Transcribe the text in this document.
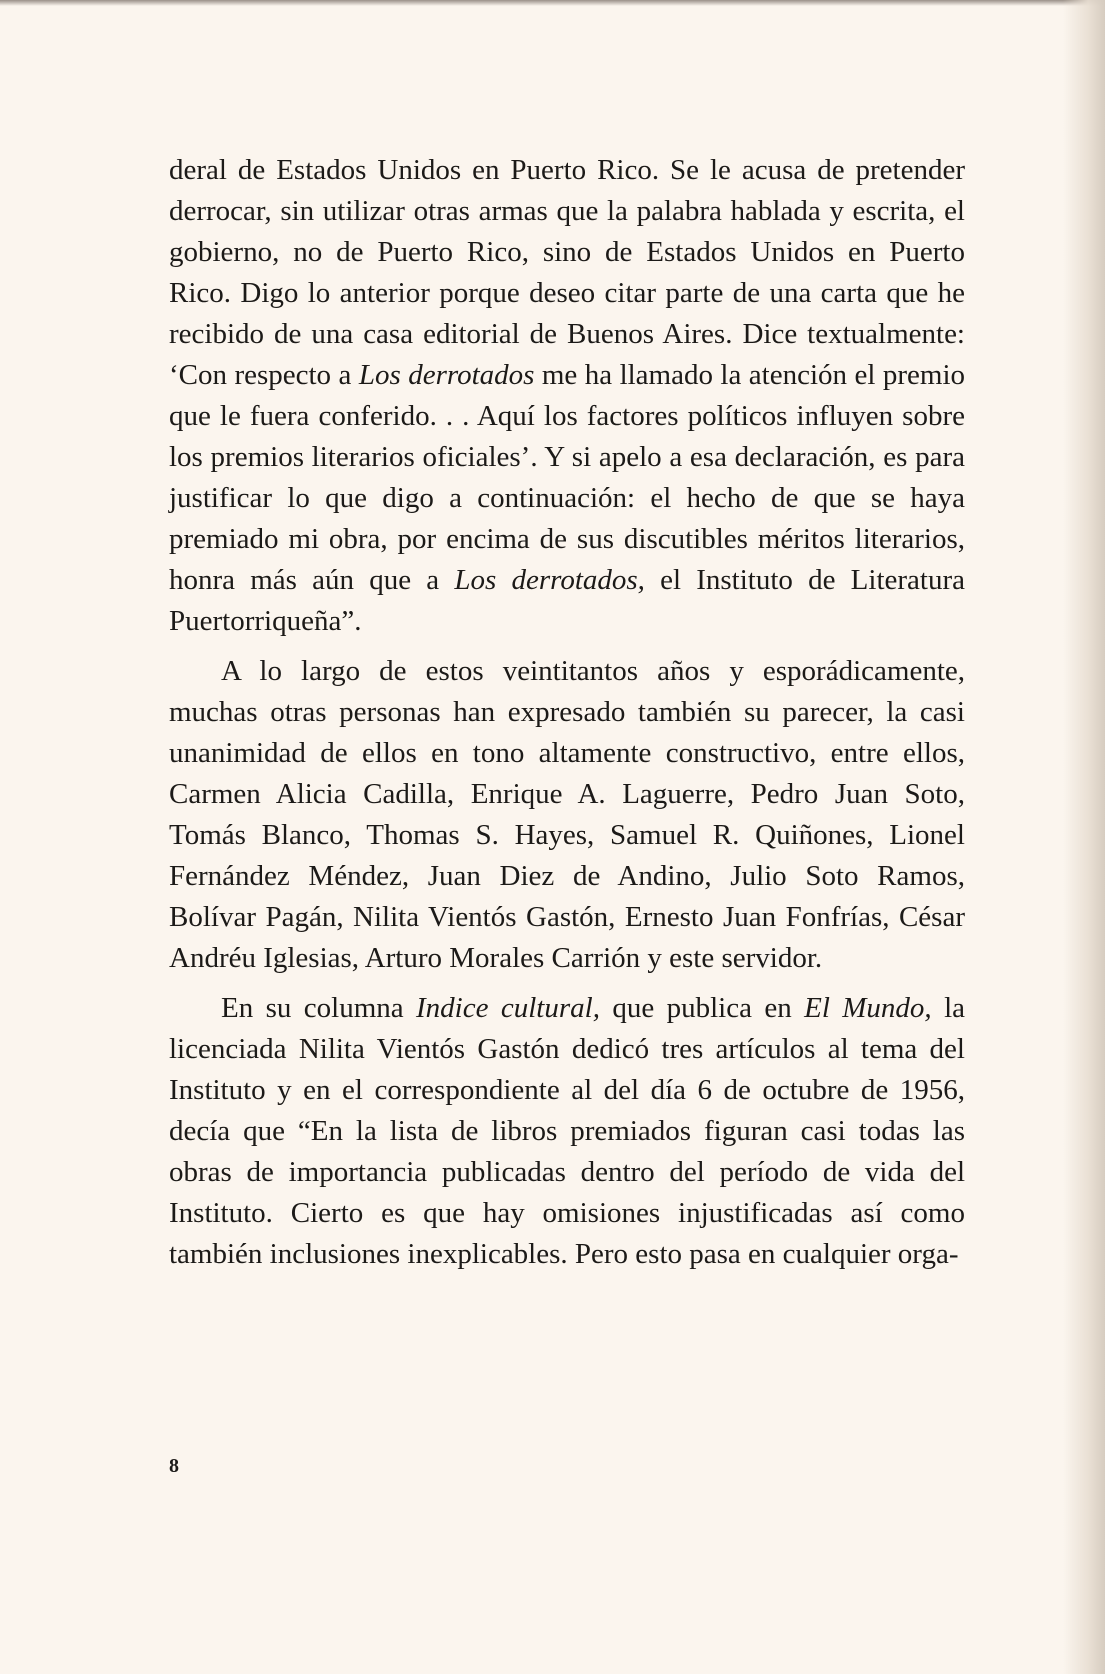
deral de Estados Unidos en Puerto Rico. Se le acusa de pretender derrocar, sin utilizar otras armas que la palabra hablada y escrita, el gobierno, no de Puerto Rico, sino de Estados Unidos en Puerto Rico. Digo lo anterior porque deseo citar parte de una carta que he recibido de una casa editorial de Buenos Aires. Dice textualmente: ‘Con respecto a Los derrotados me ha llamado la atención el premio que le fuera conferido. . . Aquí los factores políticos influyen sobre los premios literarios oficiales’. Y si apelo a esa declaración, es para justificar lo que digo a continuación: el hecho de que se haya premiado mi obra, por encima de sus discutibles méritos literarios, honra más aún que a Los derrotados, el Instituto de Literatura Puertorriqueña”.

A lo largo de estos veintitantos años y esporádicamente, muchas otras personas han expresado también su parecer, la casi unanimidad de ellos en tono altamente constructivo, entre ellos, Carmen Alicia Cadilla, Enrique A. Laguerre, Pedro Juan Soto, Tomás Blanco, Thomas S. Hayes, Samuel R. Quiñones, Lionel Fernández Méndez, Juan Diez de Andino, Julio Soto Ramos, Bolívar Pagán, Nilita Vientós Gastón, Ernesto Juan Fonfrías, César Andréu Iglesias, Arturo Morales Carrión y este servidor.

En su columna Indice cultural, que publica en El Mundo, la licenciada Nilita Vientós Gastón dedicó tres artículos al tema del Instituto y en el correspondiente al del día 6 de octubre de 1956, decía que “En la lista de libros premiados figuran casi todas las obras de importancia publicadas dentro del período de vida del Instituto. Cierto es que hay omisiones injustificadas así como también inclusiones inexplicables. Pero esto pasa en cualquier orga-

8
